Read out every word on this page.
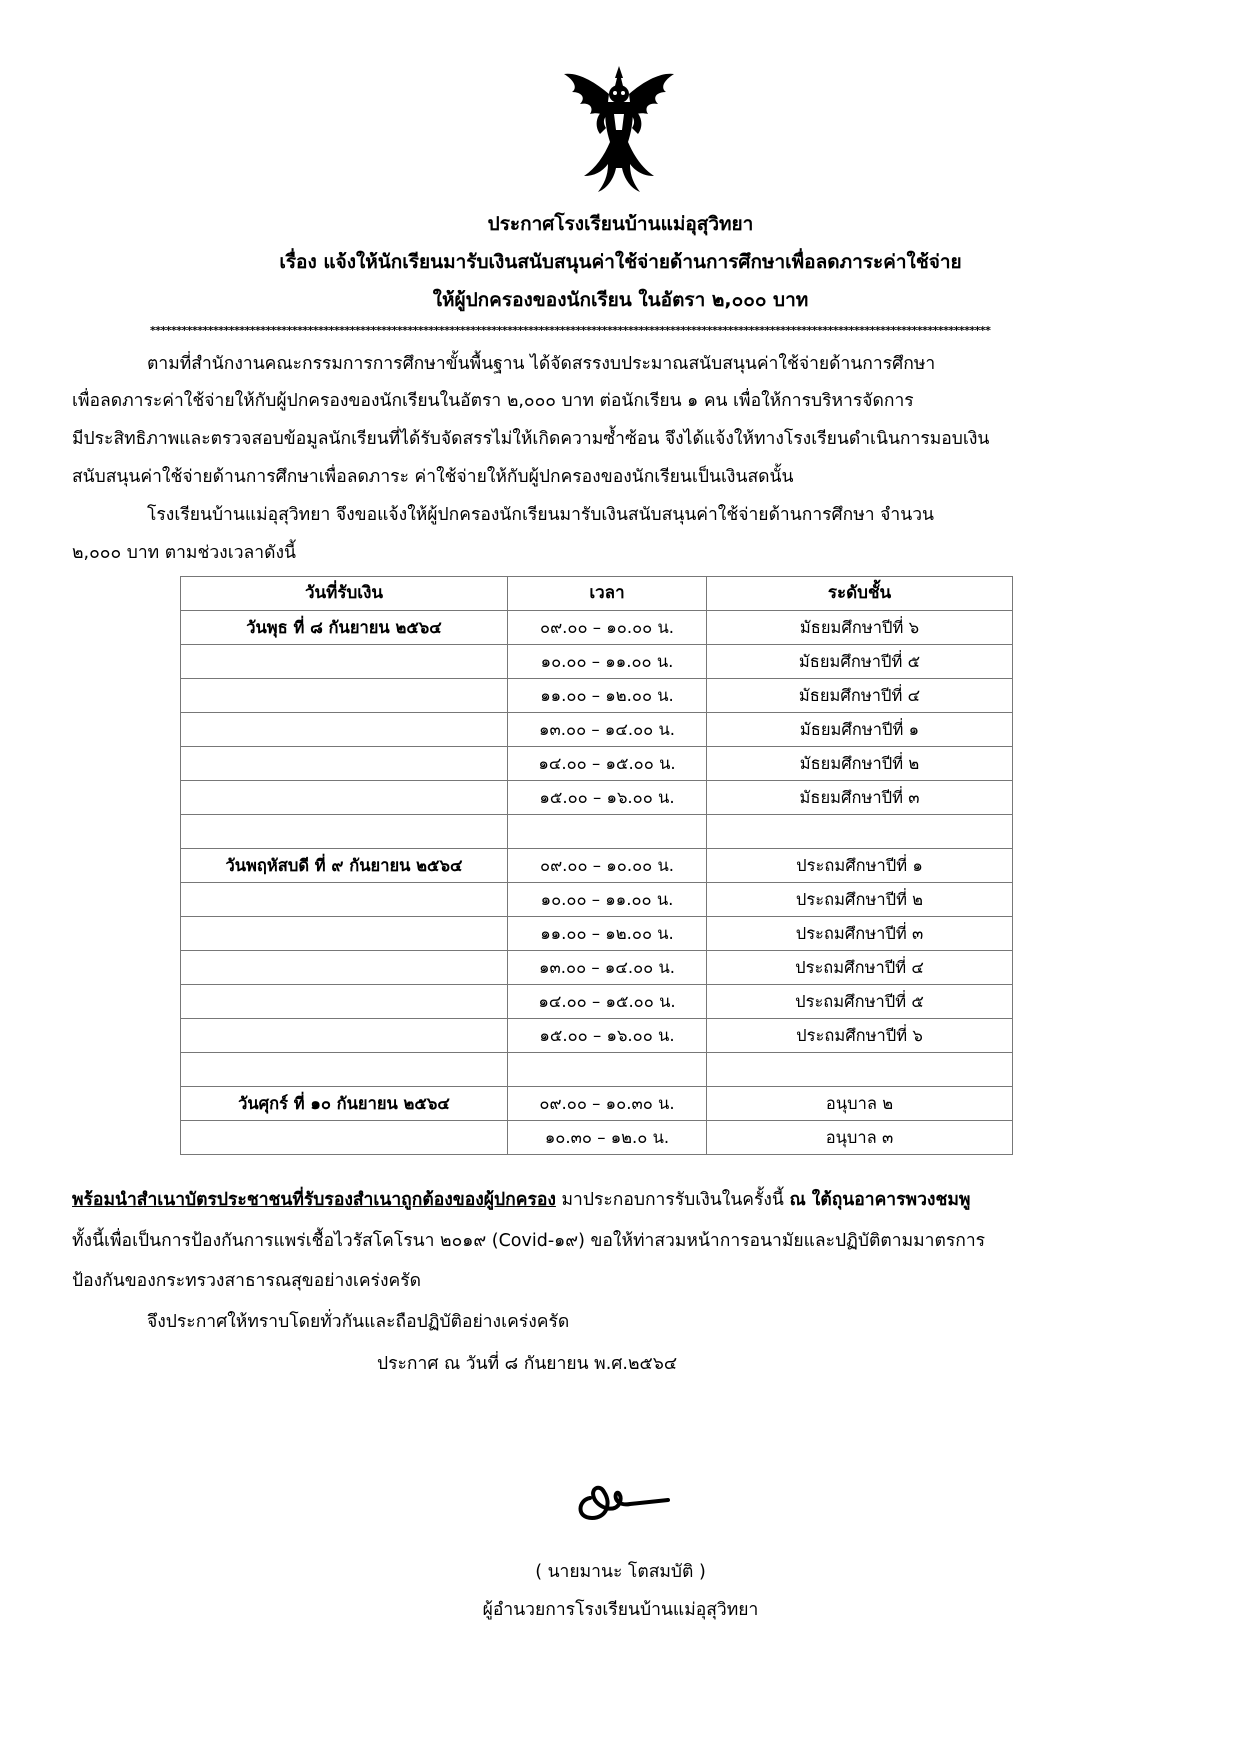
ประกาศโรงเรียนบ้านแม่อุสุวิทยา
เรื่อง แจ้งให้นักเรียนมารับเงินสนับสนุนค่าใช้จ่ายด้านการศึกษาเพื่อลดภาระค่าใช้จ่าย
ให้ผู้ปกครองของนักเรียน ในอัตรา ๒,๐๐๐ บาท
****************************************************************************************************************************************************************
ตามที่สำนักงานคณะกรรมการการศึกษาขั้นพื้นฐาน ได้จัดสรรงบประมาณสนับสนุนค่าใช้จ่ายด้านการศึกษา
เพื่อลดภาระค่าใช้จ่ายให้กับผู้ปกครองของนักเรียนในอัตรา ๒,๐๐๐ บาท ต่อนักเรียน ๑ คน เพื่อให้การบริหารจัดการ
มีประสิทธิภาพและตรวจสอบข้อมูลนักเรียนที่ได้รับจัดสรรไม่ให้เกิดความซ้ำซ้อน จึงได้แจ้งให้ทางโรงเรียนดำเนินการมอบเงิน
สนับสนุนค่าใช้จ่ายด้านการศึกษาเพื่อลดภาระ ค่าใช้จ่ายให้กับผู้ปกครองของนักเรียนเป็นเงินสดนั้น
โรงเรียนบ้านแม่อุสุวิทยา จึงขอแจ้งให้ผู้ปกครองนักเรียนมารับเงินสนับสนุนค่าใช้จ่ายด้านการศึกษา จำนวน
๒,๐๐๐ บาท ตามช่วงเวลาดังนี้
วันที่รับเงิน	เวลา	ระดับชั้น
วันพุธ ที่ ๘ กันยายน ๒๕๖๔	๐๙.๐๐ – ๑๐.๐๐ น.	มัธยมศึกษาปีที่ ๖
	๑๐.๐๐ – ๑๑.๐๐ น.	มัธยมศึกษาปีที่ ๕
	๑๑.๐๐ – ๑๒.๐๐ น.	มัธยมศึกษาปีที่ ๔
	๑๓.๐๐ – ๑๔.๐๐ น.	มัธยมศึกษาปีที่ ๑
	๑๔.๐๐ – ๑๕.๐๐ น.	มัธยมศึกษาปีที่ ๒
	๑๕.๐๐ – ๑๖.๐๐ น.	มัธยมศึกษาปีที่ ๓

วันพฤหัสบดี ที่ ๙ กันยายน ๒๕๖๔	๐๙.๐๐ – ๑๐.๐๐ น.	ประถมศึกษาปีที่ ๑
	๑๐.๐๐ – ๑๑.๐๐ น.	ประถมศึกษาปีที่ ๒
	๑๑.๐๐ – ๑๒.๐๐ น.	ประถมศึกษาปีที่ ๓
	๑๓.๐๐ – ๑๔.๐๐ น.	ประถมศึกษาปีที่ ๔
	๑๔.๐๐ – ๑๕.๐๐ น.	ประถมศึกษาปีที่ ๕
	๑๕.๐๐ – ๑๖.๐๐ น.	ประถมศึกษาปีที่ ๖

วันศุกร์ ที่ ๑๐ กันยายน ๒๕๖๔	๐๙.๐๐ – ๑๐.๓๐ น.	อนุบาล ๒
	๑๐.๓๐ – ๑๒.๐ น.	อนุบาล ๓
พร้อมนำสำเนาบัตรประชาชนที่รับรองสำเนาถูกต้องของผู้ปกครอง มาประกอบการรับเงินในครั้งนี้ ณ ใต้ถุนอาคารพวงชมพู
ทั้งนี้เพื่อเป็นการป้องกันการแพร่เชื้อไวรัสโคโรนา ๒๐๑๙ (Covid-๑๙) ขอให้ท่าสวมหน้าการอนามัยและปฏิบัติตามมาตรการ
ป้องกันของกระทรวงสาธารณสุขอย่างเคร่งครัด
จึงประกาศให้ทราบโดยทั่วกันและถือปฏิบัติอย่างเคร่งครัด
ประกาศ ณ วันที่ ๘ กันยายน พ.ศ.๒๕๖๔
( นายมานะ โตสมบัติ )
ผู้อำนวยการโรงเรียนบ้านแม่อุสุวิทยา
